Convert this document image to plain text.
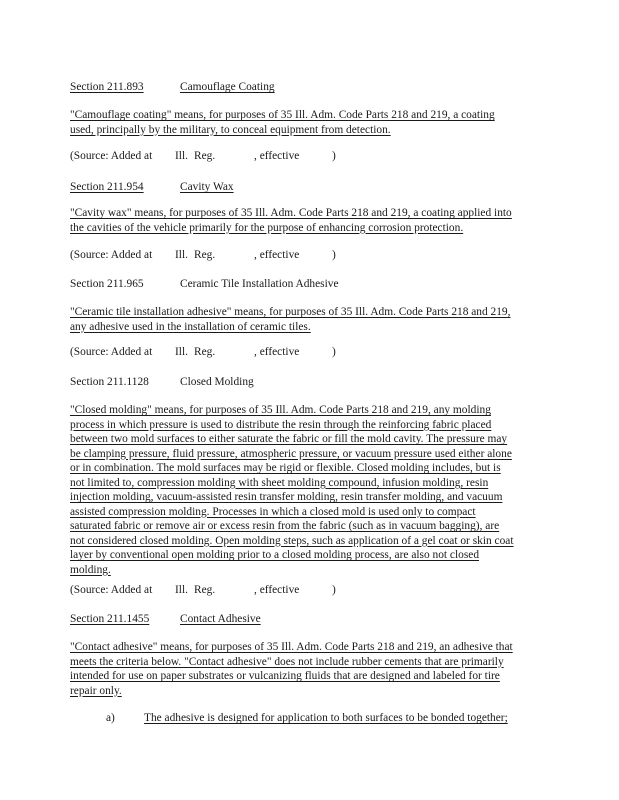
Section 211.893	Camouflage Coating
"Camouflage coating" means, for purposes of 35 Ill. Adm. Code Parts 218 and 219, a coating
used, principally by the military, to conceal equipment from detection.
(Source: Added at Ill. Reg.	, effective	)
Section 211.954	Cavity Wax
"Cavity wax" means, for purposes of 35 Ill. Adm. Code Parts 218 and 219, a coating applied into
the cavities of the vehicle primarily for the purpose of enhancing corrosion protection.
(Source: Added at Ill. Reg.	, effective	)
Section 211.965	Ceramic Tile Installation Adhesive
"Ceramic tile installation adhesive" means, for purposes of 35 Ill. Adm. Code Parts 218 and 219,
any adhesive used in the installation of ceramic tiles.
(Source: Added at Ill. Reg.	, effective	)
Section 211.1128	Closed Molding
"Closed molding" means, for purposes of 35 Ill. Adm. Code Parts 218 and 219, any molding
process in which pressure is used to distribute the resin through the reinforcing fabric placed
between two mold surfaces to either saturate the fabric or fill the mold cavity. The pressure may
be clamping pressure, fluid pressure, atmospheric pressure, or vacuum pressure used either alone
or in combination. The mold surfaces may be rigid or flexible. Closed molding includes, but is
not limited to, compression molding with sheet molding compound, infusion molding, resin
injection molding, vacuum-assisted resin transfer molding, resin transfer molding, and vacuum
assisted compression molding. Processes in which a closed mold is used only to compact
saturated fabric or remove air or excess resin from the fabric (such as in vacuum bagging), are
not considered closed molding. Open molding steps, such as application of a gel coat or skin coat
layer by conventional open molding prior to a closed molding process, are also not closed
molding.
(Source: Added at Ill. Reg.	, effective	)
Section 211.1455	Contact Adhesive
"Contact adhesive" means, for purposes of 35 Ill. Adm. Code Parts 218 and 219, an adhesive that
meets the criteria below. "Contact adhesive" does not include rubber cements that are primarily
intended for use on paper substrates or vulcanizing fluids that are designed and labeled for tire
repair only.
a)	The adhesive is designed for application to both surfaces to be bonded together;
